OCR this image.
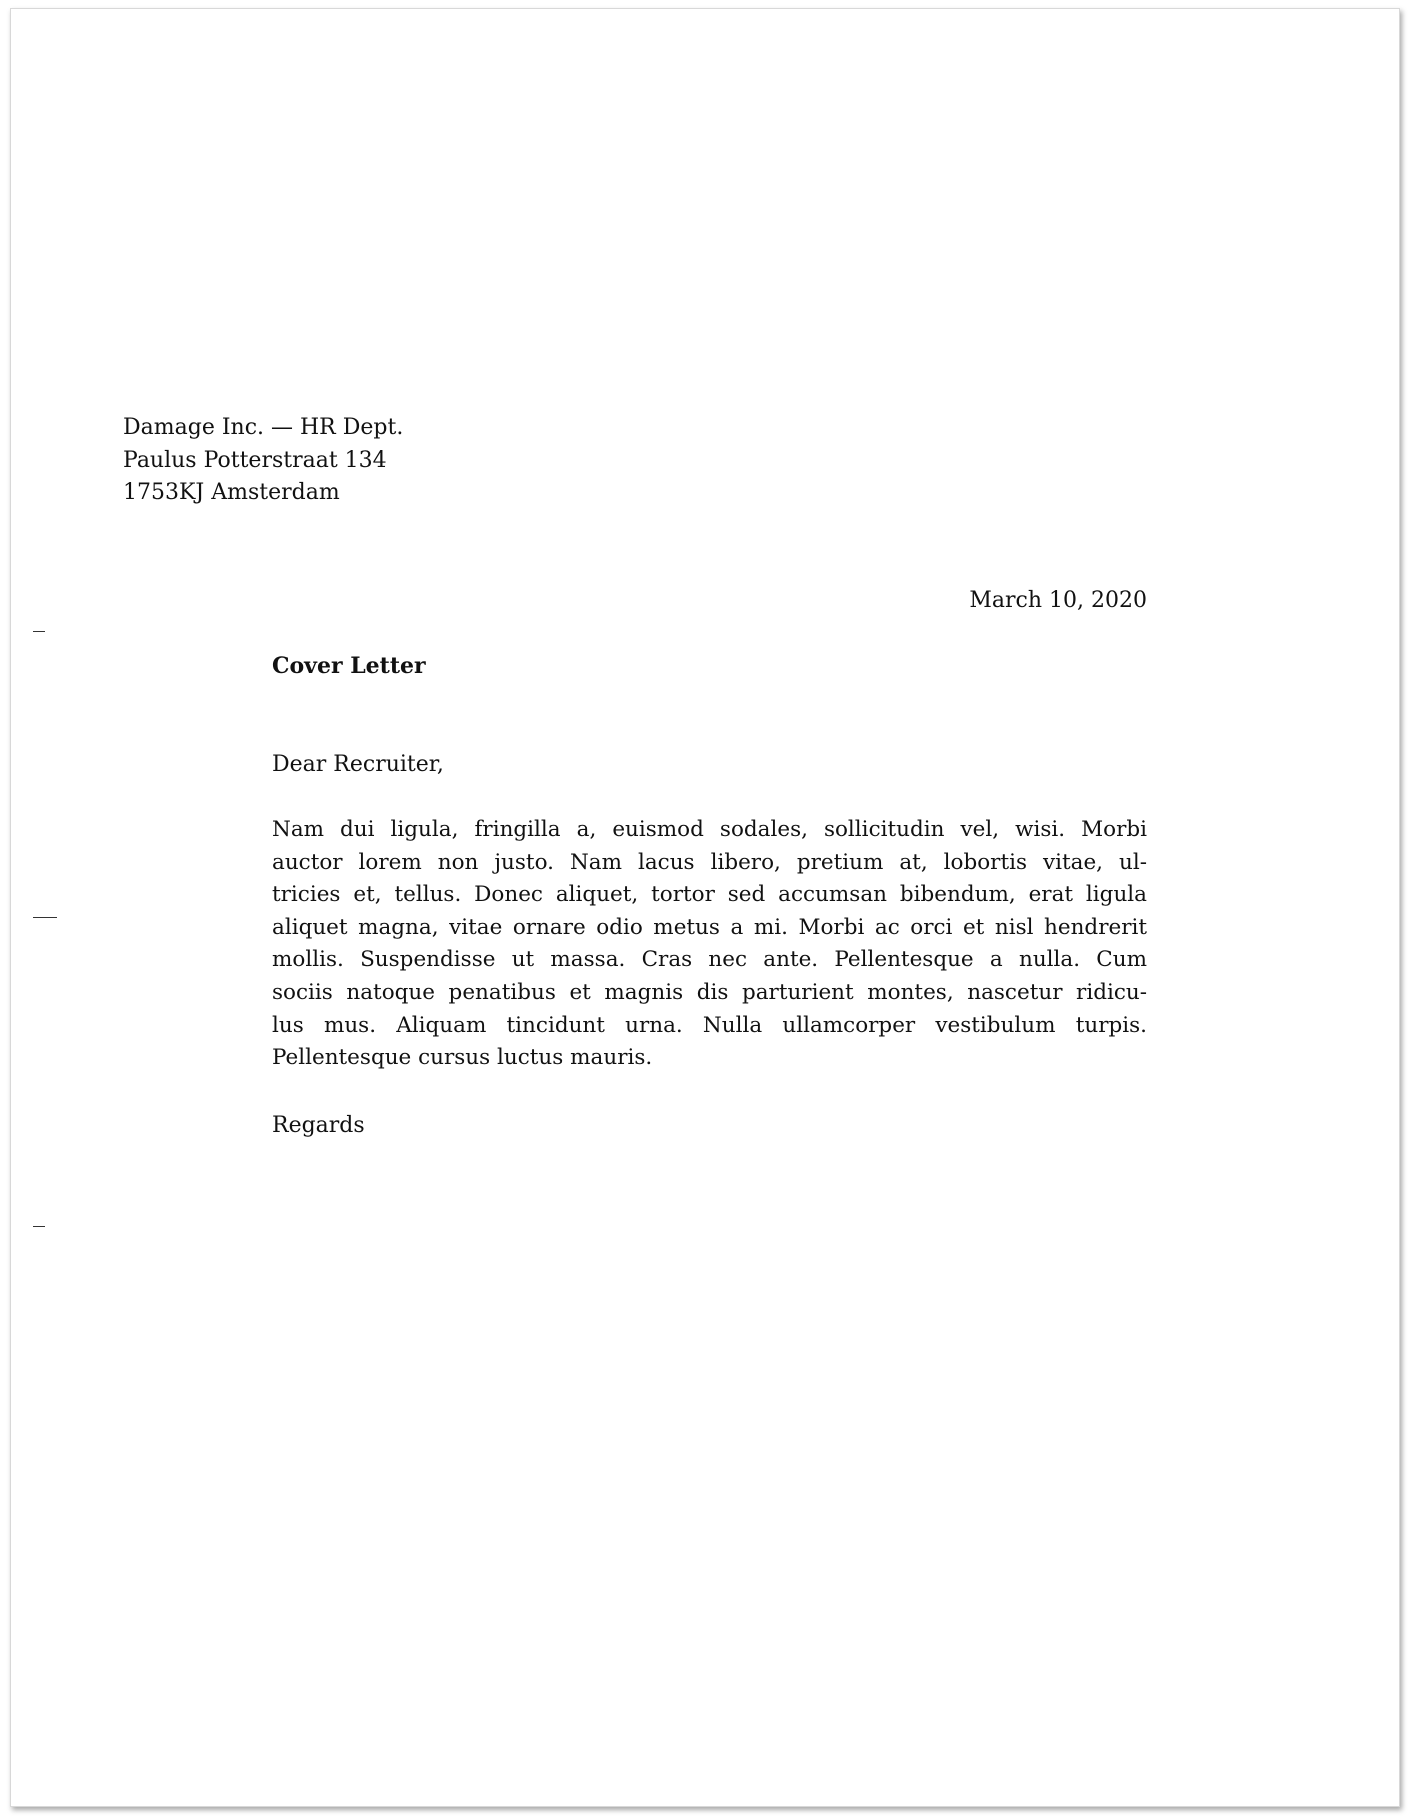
Damage Inc. — HR Dept.
Paulus Potterstraat 134
1753KJ Amsterdam
March 10, 2020
Cover Letter
Dear Recruiter,
Nam dui ligula, fringilla a, euismod sodales, sollicitudin vel, wisi. Morbi
auctor lorem non justo. Nam lacus libero, pretium at, lobortis vitae, ul-
tricies et, tellus. Donec aliquet, tortor sed accumsan bibendum, erat ligula
aliquet magna, vitae ornare odio metus a mi. Morbi ac orci et nisl hendrerit
mollis. Suspendisse ut massa. Cras nec ante. Pellentesque a nulla. Cum
sociis natoque penatibus et magnis dis parturient montes, nascetur ridicu-
lus mus. Aliquam tincidunt urna. Nulla ullamcorper vestibulum turpis.
Pellentesque cursus luctus mauris.
Regards
